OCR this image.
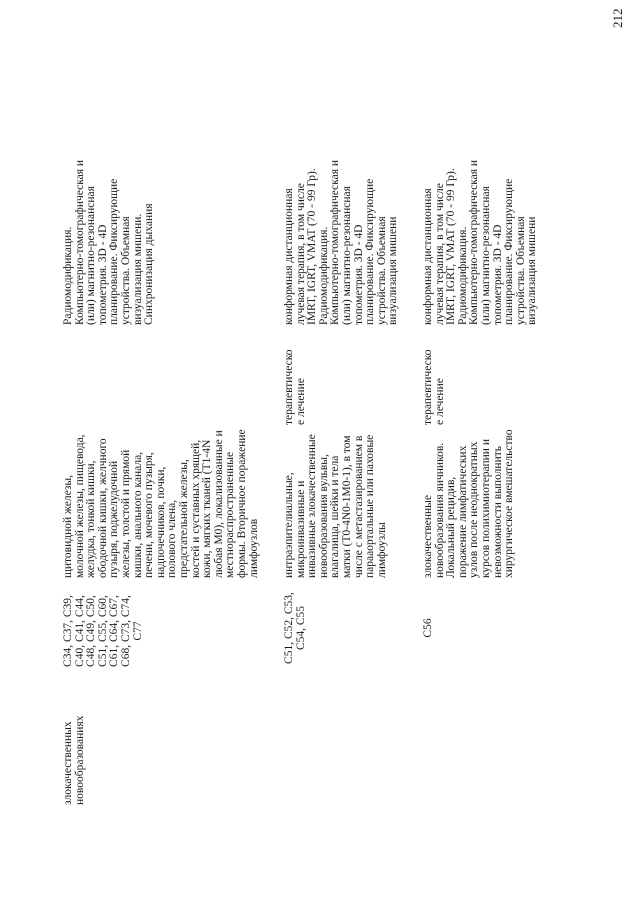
212
злокачественных новообразованиях
C34, C37, C39, C40, C41, C44, C48, C49, C50, C51, C55, C60, C61, C64, C67, C68, C73, C74, C77
щитовидной железы, молочной железы, пищевода, желудка, тонкой кишки, ободочной кишки, желчного пузыря, поджелудочной железы, толстой и прямой кишки, анального канала, печени, мочевого пузыря, надпочечников, почки, полового члена, предстательной железы, костей и суставных хрящей, кожи, мягких тканей (T1-4N любая M0), локализованные и местнораспространенные формы. Вторичное поражение лимфоузлов
Радиомодификация. Компьютерно-томографическая и (или) магнитно-резонансная топометрия. 3D - 4D планирование. Фиксирующие устройства. Объемная визуализация мишени. Синхронизация дыхания
C51, C52, C53, C54, C55
интраэпителиальные, микроинвазивные и инвазивные злокачественные новообразования вульвы, влагалища, шейки и тела матки (T0-4N0-1M0-1), в том числе с метастазированием в парааортальные или паховые лимфоузлы
терапевтическо е лечение
конформная дистанционная лучевая терапия, в том числе IMRT, IGRT, VMAT (70 - 99 Гр). Радиомодификация. Компьютерно-томографическая и (или) магнитно-резонансная топометрия. 3D - 4D планирование. Фиксирующие устройства. Объемная визуализация мишени
C56
злокачественные новообразования яичников. Локальный рецидив, поражение лимфатических узлов после неоднократных курсов полихимиотерапии и невозможности выполнить хирургическое вмешательство
терапевтическо е лечение
конформная дистанционная лучевая терапия, в том числе IMRT, IGRT, VMAT (70 - 99 Гр). Радиомодификация. Компьютерно-томографическая и (или) магнитно-резонансная топометрия. 3D - 4D планирование. Фиксирующие устройства. Объемная визуализация мишени
